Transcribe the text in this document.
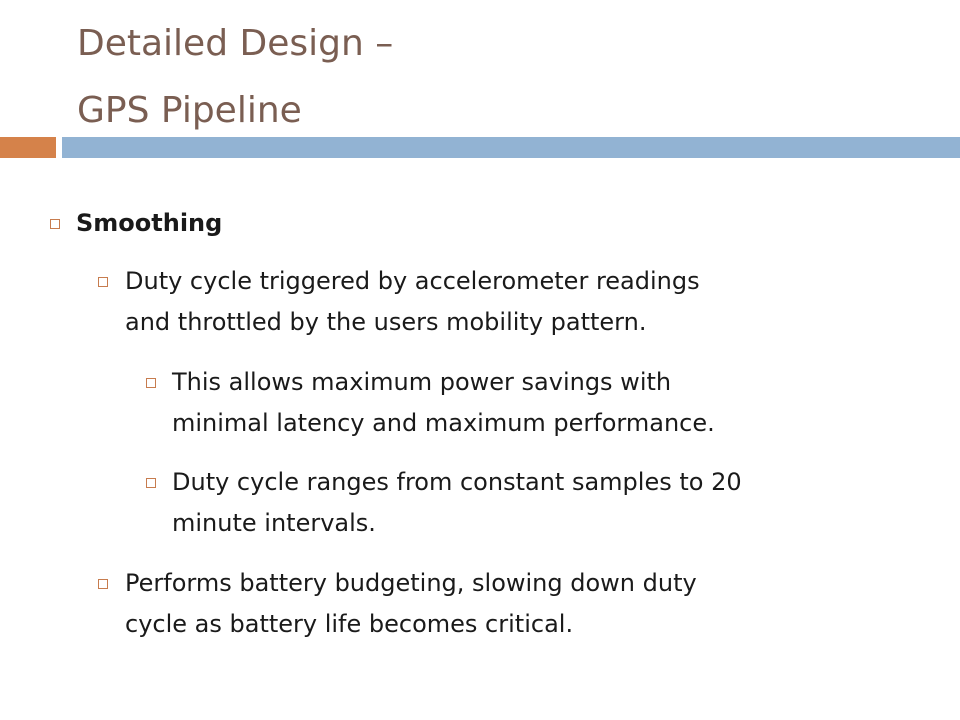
Detailed Design –
GPS Pipeline
Smoothing
Duty cycle triggered by accelerometer readings
and throttled by the users mobility pattern.
This allows maximum power savings with
minimal latency and maximum performance.
Duty cycle ranges from constant samples to 20
minute intervals.
Performs battery budgeting, slowing down duty
cycle as battery life becomes critical.
